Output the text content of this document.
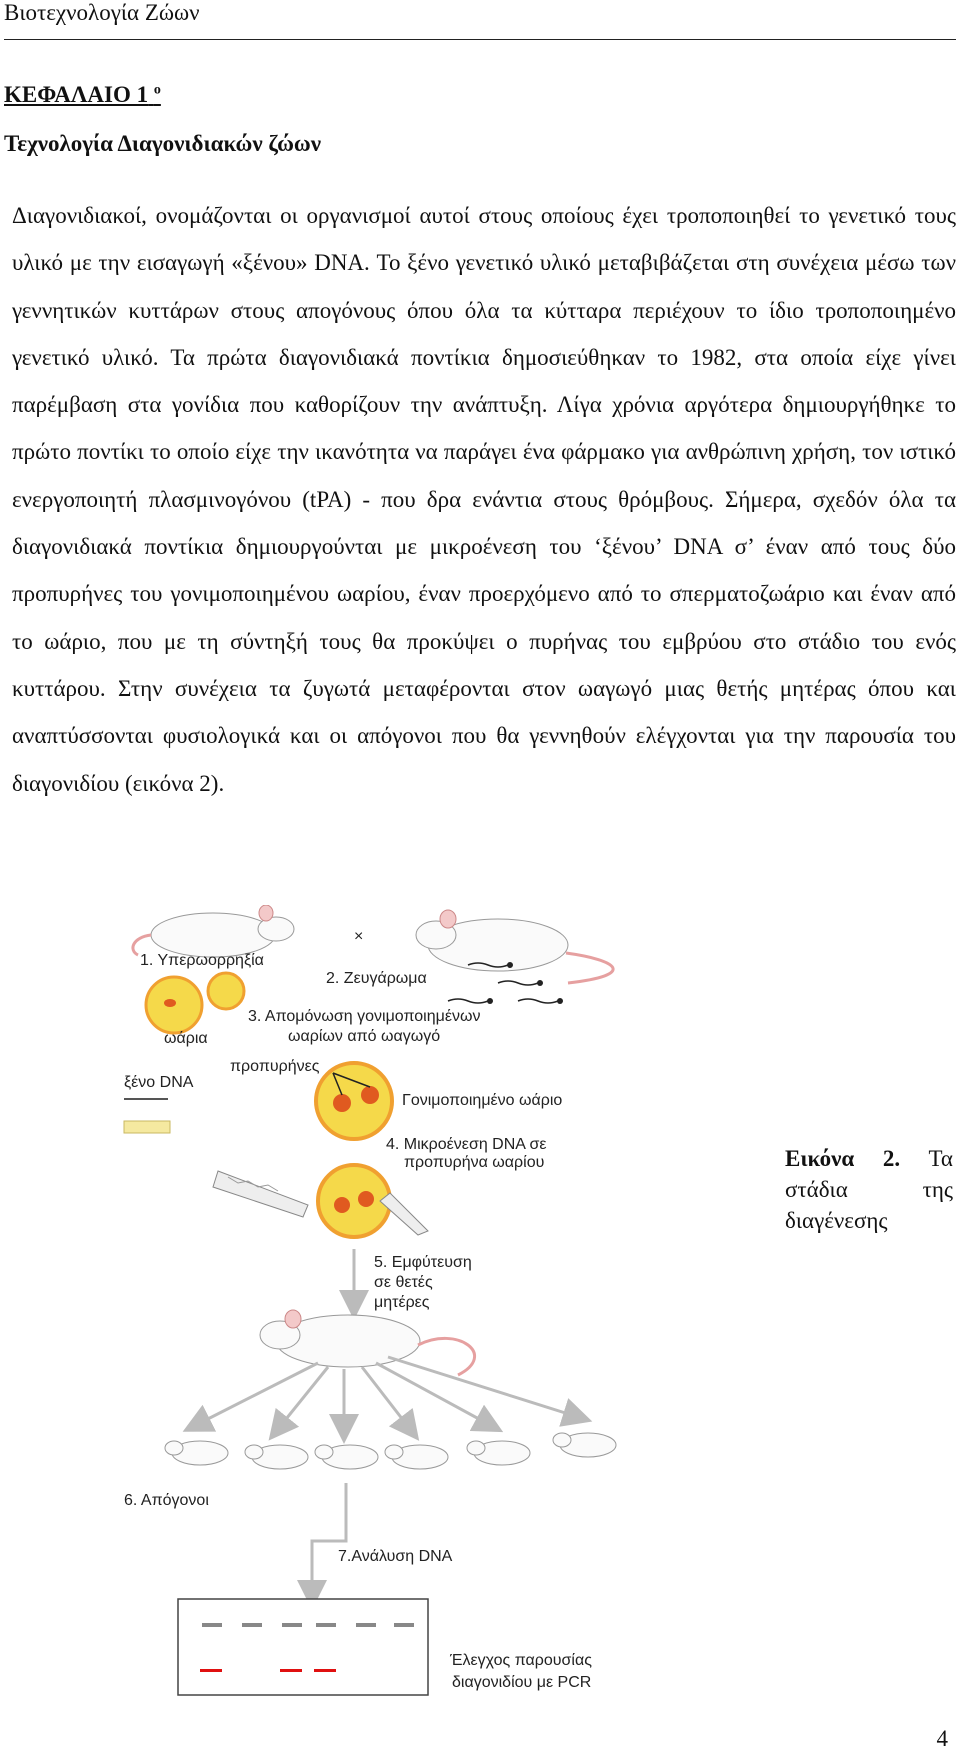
Βιοτεχνολογία Ζώων
ΚΕΦΑΛΑΙΟ 1 $^o$
Τεχνολογία Διαγονιδιακών ζώων

Διαγονιδιακοί, ονομάζονται οι οργανισμοί αυτοί στους οποίους έχει τροποποιηθεί το γενετικό τους υλικό με την εισαγωγή «ξένου» DNA. Το ξένο γενετικό υλικό μεταβιβάζεται στη συνέχεια μέσω των γεννητικών κυττάρων στους απογόνους όπου όλα τα κύτταρα περιέχουν το ίδιο τροποποιημένο γενετικό υλικό. Τα πρώτα διαγονιδιακά ποντίκια δημοσιεύθηκαν το 1982, στα οποία είχε γίνει παρέμβαση στα γονίδια που καθορίζουν την ανάπτυξη. Λίγα χρόνια αργότερα δημιουργήθηκε το πρώτο ποντίκι το οποίο είχε την ικανότητα να παράγει ένα φάρμακο για ανθρώπινη χρήση, τον ιστικό ενεργοποιητή πλασμινογόνου (tPA) - που δρα ενάντια στους θρόμβους. Σήμερα, σχεδόν όλα τα διαγονιδιακά ποντίκια δημιουργούνται με μικροένεση του ‘ξένου’ DNA σ’ έναν από τους δύο προπυρήνες του γονιμοποιημένου ωαρίου, έναν προερχόμενο από το σπερματοζωάριο και έναν από το ωάριο, που με τη σύντηξή τους θα προκύψει ο πυρήνας του εμβρύου στο στάδιο του ενός κυττάρου. Στην συνέχεια τα ζυγωτά μεταφέρονται στον ωαγωγό μιας θετής μητέρας όπου και αναπτύσσονται φυσιολογικά και οι απόγονοι που θα γεννηθούν ελέγχονται για την παρουσία του διαγονιδίου (εικόνα 2).

×
1. Υπερωορρηξία
2. Ζευγάρωμα
ωάρια
3. Απομόνωση γονιμοποιημένων
ωαρίων από ωαγωγό
προπυρήνες
ξένο DNA
Γονιμοποιημένο ωάριο
4. Μικροένεση DNA σε
προπυρήνα ωαρίου
5. Εμφύτευση
σε θετές
μητέρες
6. Απόγονοι
7.Ανάλυση DNA
Έλεγχος παρουσίας
διαγονιδίου με PCR
Εικόνα 2. Τα στάδια της διαγένεσης
4
